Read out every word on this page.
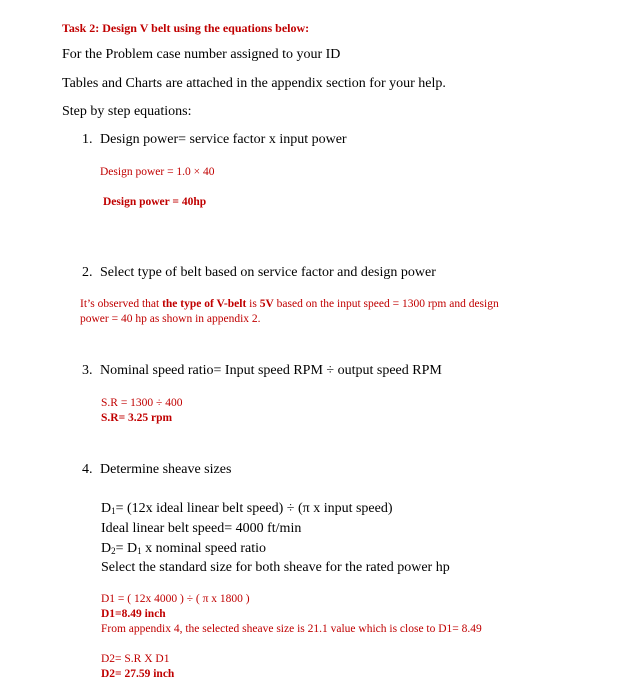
Task 2: Design V belt using the equations below:
For the Problem case number assigned to your ID
Tables and Charts are attached in the appendix section for your help.
Step by step equations:
1. Design power= service factor x input power
Design power = 1.0 × 40
Design power = 40hp
2. Select type of belt based on service factor and design power
It’s observed that the type of V-belt is 5V based on the input speed = 1300 rpm and design
power = 40 hp as shown in appendix 2.
3. Nominal speed ratio= Input speed RPM ÷ output speed RPM
S.R = 1300 ÷ 400
S.R= 3.25 rpm
4. Determine sheave sizes
$D_1= (12x$ ideal linear belt speed) ÷ (π x input speed)
Ideal linear belt speed= 4000 ft/min
$D_2= D_1$ x nominal speed ratio
Select the standard size for both sheave for the rated power hp
D1 = ( 12x 4000 ) ÷ ( π x 1800 )
D1=8.49 inch
From appendix 4, the selected sheave size is 21.1 value which is close to D1= 8.49
D2= S.R X D1
D2= 27.59 inch
